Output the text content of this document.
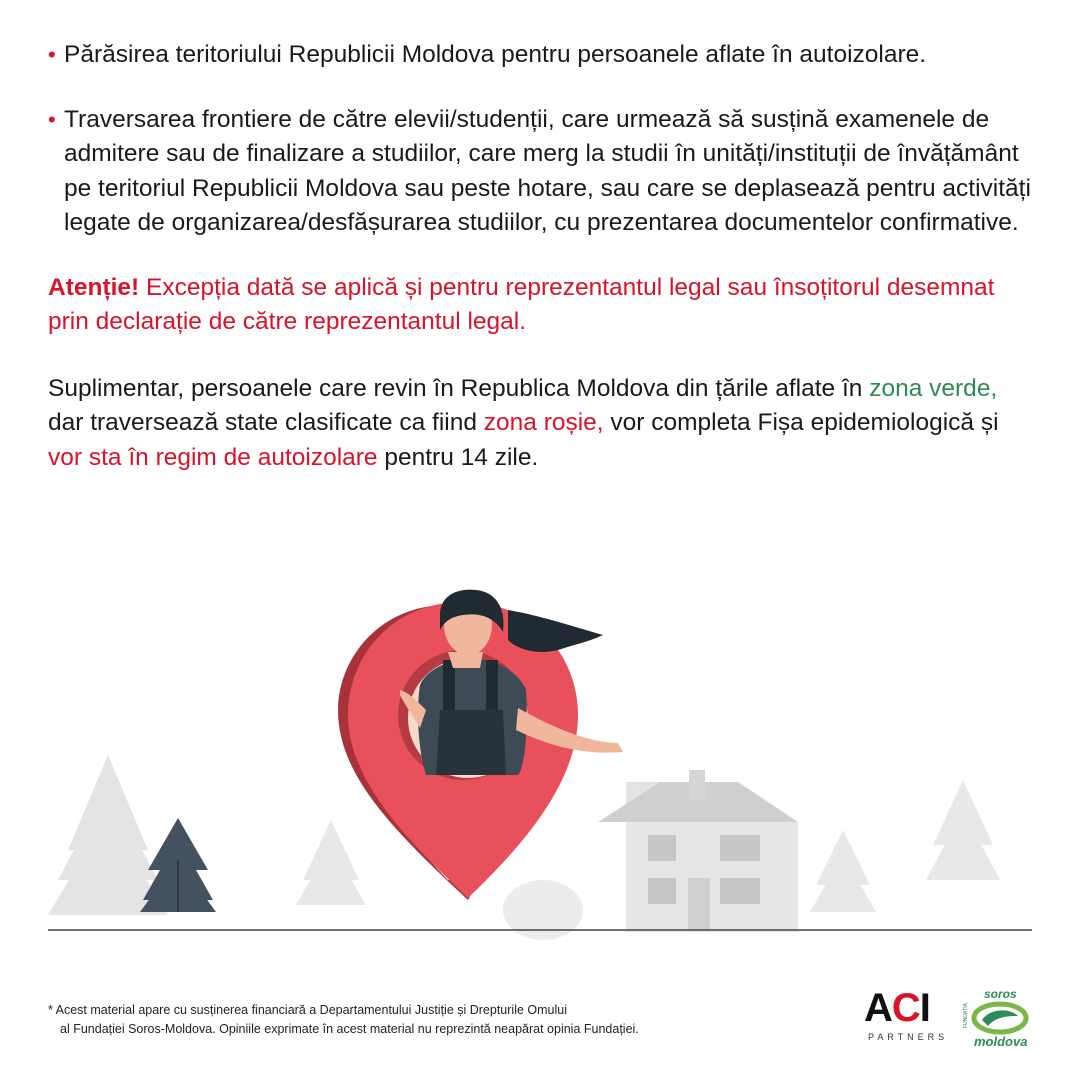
• Părăsirea teritoriului Republicii Moldova pentru persoanele aflate în autoizolare.

• Traversarea frontiere de către elevii/studenții, care urmează să susțină examenele de admitere sau de finalizare a studiilor, care merg la studii în unități/instituții de învățământ pe teritoriul Republicii Moldova sau peste hotare, sau care se deplasează pentru activități legate de organizarea/desfășurarea studiilor, cu prezentarea documentelor confirmative.

Atenție! Excepția dată se aplică și pentru reprezentantul legal sau însoțitorul desemnat prin declarație de către reprezentantul legal.
Suplimentar, persoanele care revin în Republica Moldova din țările aflate în zona verde, dar traversează state clasificate ca fiind zona roșie, vor completa Fișa epidemiologică și vor sta în regim de autoizolare pentru 14 zile.
* Acest material apare cu susținerea financiară a Departamentului Justiție și Drepturile Omului
al Fundației Soros-Moldova. Opiniile exprimate în acest material nu reprezintă neapărat opinia Fundației.	ACI
PARTNERS
soros
FUNDAȚIA
moldova
